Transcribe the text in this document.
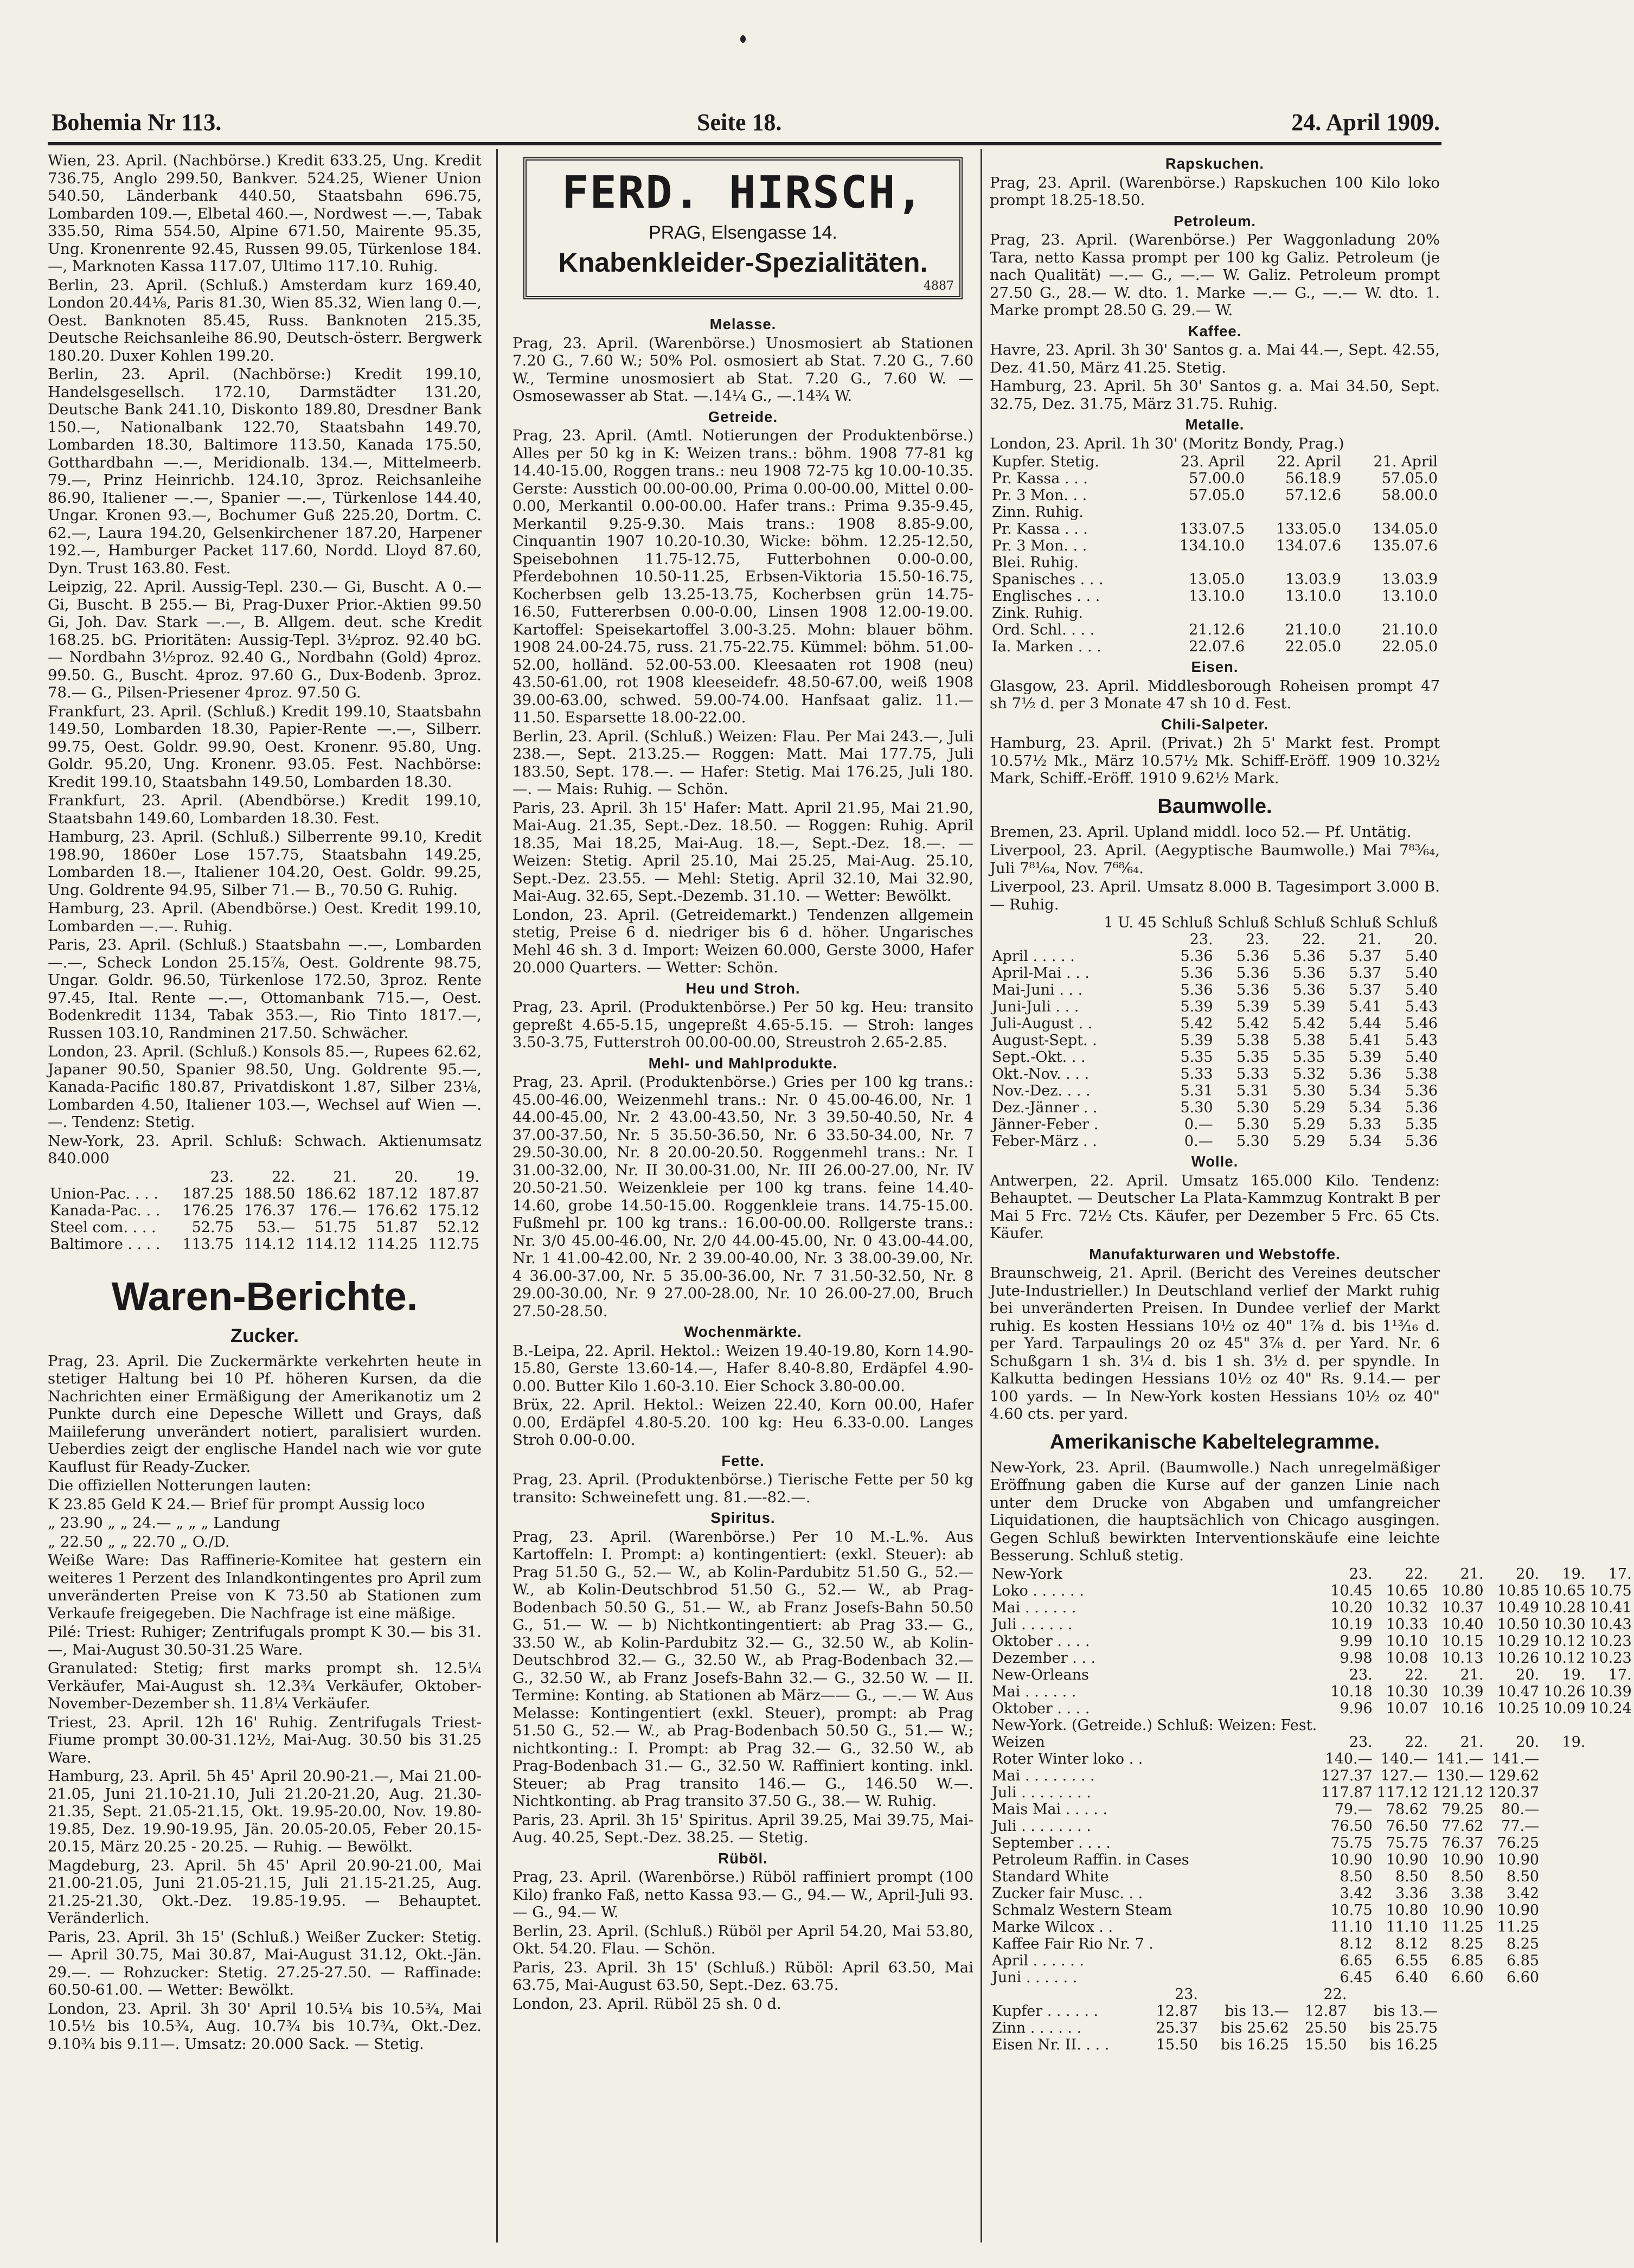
Bohemia Nr 113.	Seite 18.	24. April 1909.

Wien, 23. April. (Nachbörse.) Kredit 633.25, Ung. Kredit 736.75, Anglo 299.50, Bankver. 524.25, Wiener Union 540.50, Länderbank 440.50, Staatsbahn 696.75, Lombarden 109.—, Elbetal 460.—, Nordwest —.—, Tabak 335.50, Rima 554.50, Alpine 671.50, Mairente 95.35, Ung. Kronenrente 92.45, Russen 99.05, Türkenlose 184.—, Marknoten Kassa 117.07, Ultimo 117.10. Ruhig.

Berlin, 23. April. (Schluß.) Amsterdam kurz 169.40, London 20.44⅛, Paris 81.30, Wien 85.32, Wien lang 0.—, Oest. Banknoten 85.45, Russ. Banknoten 215.35, Deutsche Reichsanleihe 86.90, Deutsch-österr. Bergwerk 180.20. Duxer Kohlen 199.20.

Berlin, 23. April. (Nachbörse:) Kredit 199.10, Handelsgesellsch. 172.10, Darmstädter 131.20, Deutsche Bank 241.10, Diskonto 189.80, Dresdner Bank 150.—, Nationalbank 122.70, Staatsbahn 149.70, Lombarden 18.30, Baltimore 113.50, Kanada 175.50, Gotthardbahn —.—, Meridionalb. 134.—, Mittelmeerb. 79.—, Prinz Heinrichb. 124.10, 3proz. Reichsanleihe 86.90, Italiener —.—, Spanier —.—, Türkenlose 144.40, Ungar. Kronen 93.—, Bochumer Guß 225.20, Dortm. C. 62.—, Laura 194.20, Gelsenkirchener 187.20, Harpener 192.—, Hamburger Packet 117.60, Nordd. Lloyd 87.60, Dyn. Trust 163.80. Fest.

Leipzig, 22. April. Aussig-Tepl. 230.— Gi, Buscht. A 0.— Gi, Buscht. B 255.— Bi, Prag-Duxer Prior.-Aktien 99.50 Gi, Joh. Dav. Stark —.—, B. Allgem. deut. sche Kredit 168.25. bG. Prioritäten: Aussig-Tepl. 3½proz. 92.40 bG. — Nordbahn 3½proz. 92.40 G., Nordbahn (Gold) 4proz. 99.50. G., Buscht. 4proz. 97.60 G., Dux-Bodenb. 3proz. 78.— G., Pilsen-Priesener 4proz. 97.50 G.

Frankfurt, 23. April. (Schluß.) Kredit 199.10, Staatsbahn 149.50, Lombarden 18.30, Papier-Rente —.—, Silberr. 99.75, Oest. Goldr. 99.90, Oest. Kronenr. 95.80, Ung. Goldr. 95.20, Ung. Kronenr. 93.05. Fest. Nachbörse: Kredit 199.10, Staatsbahn 149.50, Lombarden 18.30.

Frankfurt, 23. April. (Abendbörse.) Kredit 199.10, Staatsbahn 149.60, Lombarden 18.30. Fest.

Hamburg, 23. April. (Schluß.) Silberrente 99.10, Kredit 198.90, 1860er Lose 157.75, Staatsbahn 149.25, Lombarden 18.—, Italiener 104.20, Oest. Goldr. 99.25, Ung. Goldrente 94.95, Silber 71.— B., 70.50 G. Ruhig.

Hamburg, 23. April. (Abendbörse.) Oest. Kredit 199.10, Lombarden —.—. Ruhig.

Paris, 23. April. (Schluß.) Staatsbahn —.—, Lombarden —.—, Scheck London 25.15⅞, Oest. Goldrente 98.75, Ungar. Goldr. 96.50, Türkenlose 172.50, 3proz. Rente 97.45, Ital. Rente —.—, Ottomanbank 715.—, Oest. Bodenkredit 1134, Tabak 353.—, Rio Tinto 1817.—, Russen 103.10, Randminen 217.50. Schwächer.

London, 23. April. (Schluß.) Konsols 85.—, Rupees 62.62, Japaner 90.50, Spanier 98.50, Ung. Goldrente 95.—, Kanada-Pacific 180.87, Privatdiskont 1.87, Silber 23⅛, Lombarden 4.50, Italiener 103.—, Wechsel auf Wien —.—. Tendenz: Stetig.

New-York, 23. April. Schluß: Schwach. Aktienumsatz 840.000

	23.	22.	21.	20.	19.
Union-Pac. . . .	187.25	188.50	186.62	187.12	187.87
Kanada-Pac. . .	176.25	176.37	176.—	176.62	175.12
Steel com. . . .	52.75	53.—	51.75	51.87	52.12
Baltimore . . . .	113.75	114.12	114.12	114.25	112.75
Waren-Berichte.
Zucker.

Prag, 23. April. Die Zuckermärkte verkehrten heute in stetiger Haltung bei 10 Pf. höheren Kursen, da die Nachrichten einer Ermäßigung der Amerikanotiz um 2 Punkte durch eine Depesche Willett und Grays, daß Maiileferung unverändert notiert, paralisiert wurden. Ueberdies zeigt der englische Handel nach wie vor gute Kauflust für Ready-Zucker.

Die offiziellen Notterungen lauten:

K 23.85 Geld K 24.— Brief für prompt Aussig loco

„ 23.90 „ „ 24.— „ „ „ Landung

„ 22.50 „ „ 22.70 „ O./D.

Weiße Ware: Das Raffinerie-Komitee hat gestern ein weiteres 1 Perzent des Inlandkontingentes pro April zum unveränderten Preise von K 73.50 ab Stationen zum Verkaufe freigegeben. Die Nachfrage ist eine mäßige.

Pilé: Triest: Ruhiger; Zentrifugals prompt K 30.— bis 31.—, Mai-August 30.50-31.25 Ware.

Granulated: Stetig; first marks prompt sh. 12.5¼ Verkäufer, Mai-August sh. 12.3¾ Verkäufer, Oktober-November-Dezember sh. 11.8¼ Verkäufer.

Triest, 23. April. 12h 16' Ruhig. Zentrifugals Triest-Fiume prompt 30.00-31.12½, Mai-Aug. 30.50 bis 31.25 Ware.

Hamburg, 23. April. 5h 45' April 20.90-21.—, Mai 21.00-21.05, Juni 21.10-21.10, Juli 21.20-21.20, Aug. 21.30-21.35, Sept. 21.05-21.15, Okt. 19.95-20.00, Nov. 19.80-19.85, Dez. 19.90-19.95, Jän. 20.05-20.05, Feber 20.15-20.15, März 20.25 - 20.25. — Ruhig. — Bewölkt.

Magdeburg, 23. April. 5h 45' April 20.90-21.00, Mai 21.00-21.05, Juni 21.05-21.15, Juli 21.15-21.25, Aug. 21.25-21.30, Okt.-Dez. 19.85-19.95. — Behauptet. Veränderlich.

Paris, 23. April. 3h 15' (Schluß.) Weißer Zucker: Stetig. — April 30.75, Mai 30.87, Mai-August 31.12, Okt.-Jän. 29.—. — Rohzucker: Stetig. 27.25-27.50. — Raffinade: 60.50-61.00. — Wetter: Bewölkt.

London, 23. April. 3h 30' April 10.5¼ bis 10.5¾, Mai 10.5½ bis 10.5¾, Aug. 10.7¾ bis 10.7¾, Okt.-Dez. 9.10¾ bis 9.11—. Umsatz: 20.000 Sack. — Stetig.

FERD. HIRSCH,
PRAG, Elsengasse 14.
Knabenkleider-Spezialitäten.
4887
Melasse.

Prag, 23. April. (Warenbörse.) Unosmosiert ab Stationen 7.20 G., 7.60 W.; 50% Pol. osmosiert ab Stat. 7.20 G., 7.60 W., Termine unosmosiert ab Stat. 7.20 G., 7.60 W. — Osmosewasser ab Stat. —.14¼ G., —.14¾ W.

Getreide.

Prag, 23. April. (Amtl. Notierungen der Produktenbörse.) Alles per 50 kg in K: Weizen trans.: böhm. 1908 77-81 kg 14.40-15.00, Roggen trans.: neu 1908 72-75 kg 10.00-10.35. Gerste: Ausstich 00.00-00.00, Prima 0.00-00.00, Mittel 0.00-0.00, Merkantil 0.00-00.00. Hafer trans.: Prima 9.35-9.45, Merkantil 9.25-9.30. Mais trans.: 1908 8.85-9.00, Cinquantin 1907 10.20-10.30, Wicke: böhm. 12.25-12.50, Speisebohnen 11.75-12.75, Futterbohnen 0.00-0.00, Pferdebohnen 10.50-11.25, Erbsen-Viktoria 15.50-16.75, Kocherbsen gelb 13.25-13.75, Kocherbsen grün 14.75-16.50, Futtererbsen 0.00-0.00, Linsen 1908 12.00-19.00. Kartoffel: Speisekartoffel 3.00-3.25. Mohn: blauer böhm. 1908 24.00-24.75, russ. 21.75-22.75. Kümmel: böhm. 51.00-52.00, holländ. 52.00-53.00. Kleesaaten rot 1908 (neu) 43.50-61.00, rot 1908 kleeseidefr. 48.50-67.00, weiß 1908 39.00-63.00, schwed. 59.00-74.00. Hanfsaat galiz. 11.—11.50. Esparsette 18.00-22.00.

Berlin, 23. April. (Schluß.) Weizen: Flau. Per Mai 243.—, Juli 238.—, Sept. 213.25.— Roggen: Matt. Mai 177.75, Juli 183.50, Sept. 178.—. — Hafer: Stetig. Mai 176.25, Juli 180.—. — Mais: Ruhig. — Schön.

Paris, 23. April. 3h 15' Hafer: Matt. April 21.95, Mai 21.90, Mai-Aug. 21.35, Sept.-Dez. 18.50. — Roggen: Ruhig. April 18.35, Mai 18.25, Mai-Aug. 18.—, Sept.-Dez. 18.—. — Weizen: Stetig. April 25.10, Mai 25.25, Mai-Aug. 25.10, Sept.-Dez. 23.55. — Mehl: Stetig. April 32.10, Mai 32.90, Mai-Aug. 32.65, Sept.-Dezemb. 31.10. — Wetter: Bewölkt.

London, 23. April. (Getreidemarkt.) Tendenzen allgemein stetig, Preise 6 d. niedriger bis 6 d. höher. Ungarisches Mehl 46 sh. 3 d. Import: Weizen 60.000, Gerste 3000, Hafer 20.000 Quarters. — Wetter: Schön.

Heu und Stroh.

Prag, 23. April. (Produktenbörse.) Per 50 kg. Heu: transito gepreßt 4.65-5.15, ungepreßt 4.65-5.15. — Stroh: langes 3.50-3.75, Futterstroh 00.00-00.00, Streustroh 2.65-2.85.

Mehl- und Mahlprodukte.

Prag, 23. April. (Produktenbörse.) Gries per 100 kg trans.: 45.00-46.00, Weizenmehl trans.: Nr. 0 45.00-46.00, Nr. 1 44.00-45.00, Nr. 2 43.00-43.50, Nr. 3 39.50-40.50, Nr. 4 37.00-37.50, Nr. 5 35.50-36.50, Nr. 6 33.50-34.00, Nr. 7 29.50-30.00, Nr. 8 20.00-20.50. Roggenmehl trans.: Nr. I 31.00-32.00, Nr. II 30.00-31.00, Nr. III 26.00-27.00, Nr. IV 20.50-21.50. Weizenkleie per 100 kg trans. feine 14.40-14.60, grobe 14.50-15.00. Roggenkleie trans. 14.75-15.00. Fußmehl pr. 100 kg trans.: 16.00-00.00. Rollgerste trans.: Nr. 3/0 45.00-46.00, Nr. 2/0 44.00-45.00, Nr. 0 43.00-44.00, Nr. 1 41.00-42.00, Nr. 2 39.00-40.00, Nr. 3 38.00-39.00, Nr. 4 36.00-37.00, Nr. 5 35.00-36.00, Nr. 7 31.50-32.50, Nr. 8 29.00-30.00, Nr. 9 27.00-28.00, Nr. 10 26.00-27.00, Bruch 27.50-28.50.

Wochenmärkte.

B.-Leipa, 22. April. Hektol.: Weizen 19.40-19.80, Korn 14.90-15.80, Gerste 13.60-14.—, Hafer 8.40-8.80, Erdäpfel 4.90-0.00. Butter Kilo 1.60-3.10. Eier Schock 3.80-00.00.

Brüx, 22. April. Hektol.: Weizen 22.40, Korn 00.00, Hafer 0.00, Erdäpfel 4.80-5.20. 100 kg: Heu 6.33-0.00. Langes Stroh 0.00-0.00.

Fette.

Prag, 23. April. (Produktenbörse.) Tierische Fette per 50 kg transito: Schweinefett ung. 81.—-82.—.

Spiritus.

Prag, 23. April. (Warenbörse.) Per 10 M.-L.%. Aus Kartoffeln: I. Prompt: a) kontingentiert: (exkl. Steuer): ab Prag 51.50 G., 52.— W., ab Kolin-Pardubitz 51.50 G., 52.— W., ab Kolin-Deutschbrod 51.50 G., 52.— W., ab Prag-Bodenbach 50.50 G., 51.— W., ab Franz Josefs-Bahn 50.50 G., 51.— W. — b) Nichtkontingentiert: ab Prag 33.— G., 33.50 W., ab Kolin-Pardubitz 32.— G., 32.50 W., ab Kolin-Deutschbrod 32.— G., 32.50 W., ab Prag-Bodenbach 32.— G., 32.50 W., ab Franz Josefs-Bahn 32.— G., 32.50 W. — II. Termine: Konting. ab Stationen ab März—— G., —.— W. Aus Melasse: Kontingentiert (exkl. Steuer), prompt: ab Prag 51.50 G., 52.— W., ab Prag-Bodenbach 50.50 G., 51.— W.; nichtkonting.: I. Prompt: ab Prag 32.— G., 32.50 W., ab Prag-Bodenbach 31.— G., 32.50 W. Raffiniert konting. inkl. Steuer; ab Prag transito 146.— G., 146.50 W.—. Nichtkonting. ab Prag transito 37.50 G., 38.— W. Ruhig.

Paris, 23. April. 3h 15' Spiritus. April 39.25, Mai 39.75, Mai-Aug. 40.25, Sept.-Dez. 38.25. — Stetig.

Rüböl.

Prag, 23. April. (Warenbörse.) Rüböl raffiniert prompt (100 Kilo) franko Faß, netto Kassa 93.— G., 94.— W., April-Juli 93.— G., 94.— W.

Berlin, 23. April. (Schluß.) Rüböl per April 54.20, Mai 53.80, Okt. 54.20. Flau. — Schön.

Paris, 23. April. 3h 15' (Schluß.) Rüböl: April 63.50, Mai 63.75, Mai-August 63.50, Sept.-Dez. 63.75.

London, 23. April. Rüböl 25 sh. 0 d.

Rapskuchen.

Prag, 23. April. (Warenbörse.) Rapskuchen 100 Kilo loko prompt 18.25-18.50.

Petroleum.

Prag, 23. April. (Warenbörse.) Per Waggonladung 20% Tara, netto Kassa prompt per 100 kg Galiz. Petroleum (je nach Qualität) —.— G., —.— W. Galiz. Petroleum prompt 27.50 G., 28.— W. dto. 1. Marke —.— G., —.— W. dto. 1. Marke prompt 28.50 G. 29.— W.

Kaffee.

Havre, 23. April. 3h 30' Santos g. a. Mai 44.—, Sept. 42.55, Dez. 41.50, März 41.25. Stetig.

Hamburg, 23. April. 5h 30' Santos g. a. Mai 34.50, Sept. 32.75, Dez. 31.75, März 31.75. Ruhig.

Metalle.

London, 23. April. 1h 30' (Moritz Bondy, Prag.)

Kupfer. Stetig.	23. April	22. April	21. April
Pr. Kassa . . .	57.00.0	56.18.9	57.05.0
Pr. 3 Mon. . .	57.05.0	57.12.6	58.00.0
Zinn. Ruhig.			
Pr. Kassa . . .	133.07.5	133.05.0	134.05.0
Pr. 3 Mon. . .	134.10.0	134.07.6	135.07.6
Blei. Ruhig.			
Spanisches . . .	13.05.0	13.03.9	13.03.9
Englisches . . .	13.10.0	13.10.0	13.10.0
Zink. Ruhig.			
Ord. Schl. . . .	21.12.6	21.10.0	21.10.0
Ia. Marken . . .	22.07.6	22.05.0	22.05.0
Eisen.

Glasgow, 23. April. Middlesborough Roheisen prompt 47 sh 7½ d. per 3 Monate 47 sh 10 d. Fest.

Chili-Salpeter.

Hamburg, 23. April. (Privat.) 2h 5' Markt fest. Prompt 10.57½ Mk., März 10.57½ Mk. Schiff-Eröff. 1909 10.32½ Mark, Schiff.-Eröff. 1910 9.62½ Mark.

Baumwolle.

Bremen, 23. April. Upland middl. loco 52.— Pf. Untätig.

Liverpool, 23. April. (Aegyptische Baumwolle.) Mai 7⁸³⁄₆₄, Juli 7⁸¹⁄₆₄, Nov. 7⁶⁸⁄₆₄.

Liverpool, 23. April. Umsatz 8.000 B. Tagesimport 3.000 B. — Ruhig.

	1 U. 45 Schluß	Schluß	Schluß	Schluß	Schluß
	23.	23.	22.	21.	20.
April . . . . .	5.36	5.36	5.36	5.37	5.40
April-Mai . . .	5.36	5.36	5.36	5.37	5.40
Mai-Juni . . .	5.36	5.36	5.36	5.37	5.40
Juni-Juli . . .	5.39	5.39	5.39	5.41	5.43
Juli-August . .	5.42	5.42	5.42	5.44	5.46
August-Sept. .	5.39	5.38	5.38	5.41	5.43
Sept.-Okt. . .	5.35	5.35	5.35	5.39	5.40
Okt.-Nov. . . .	5.33	5.33	5.32	5.36	5.38
Nov.-Dez. . . .	5.31	5.31	5.30	5.34	5.36
Dez.-Jänner . .	5.30	5.30	5.29	5.34	5.36
Jänner-Feber .	0.—	5.30	5.29	5.33	5.35
Feber-März . .	0.—	5.30	5.29	5.34	5.36
Wolle.

Antwerpen, 22. April. Umsatz 165.000 Kilo. Tendenz: Behauptet. — Deutscher La Plata-Kammzug Kontrakt B per Mai 5 Frc. 72½ Cts. Käufer, per Dezember 5 Frc. 65 Cts. Käufer.

Manufakturwaren und Webstoffe.

Braunschweig, 21. April. (Bericht des Vereines deutscher Jute-Industrieller.) In Deutschland verlief der Markt ruhig bei unveränderten Preisen. In Dundee verlief der Markt ruhig. Es kosten Hessians 10½ oz 40" 1⅞ d. bis 1¹³⁄₁₆ d. per Yard. Tarpaulings 20 oz 45" 3⅞ d. per Yard. Nr. 6 Schußgarn 1 sh. 3¼ d. bis 1 sh. 3½ d. per spyndle. In Kalkutta bedingen Hessians 10½ oz 40" Rs. 9.14.— per 100 yards. — In New-York kosten Hessians 10½ oz 40" 4.60 cts. per yard.

Amerikanische Kabeltelegramme.

New-York, 23. April. (Baumwolle.) Nach unregelmäßiger Eröffnung gaben die Kurse auf der ganzen Linie nach unter dem Drucke von Abgaben und umfangreicher Liquidationen, die hauptsächlich von Chicago ausgingen. Gegen Schluß bewirkten Interventionskäufe eine leichte Besserung. Schluß stetig.

New-York	23.	22.	21.	20.	19.	17.
Loko . . . . . .	10.45	10.65	10.80	10.85	10.65	10.75
Mai . . . . . .	10.20	10.32	10.37	10.49	10.28	10.41
Juli . . . . . .	10.19	10.33	10.40	10.50	10.30	10.43
Oktober . . . .	9.99	10.10	10.15	10.29	10.12	10.23
Dezember . . .	9.98	10.08	10.13	10.26	10.12	10.23
New-Orleans	23.	22.	21.	20.	19.	17.
Mai . . . . . .	10.18	10.30	10.39	10.47	10.26	10.39
Oktober . . . .	9.96	10.07	10.16	10.25	10.09	10.24
New-York. (Getreide.) Schluß: Weizen: Fest.						
Weizen	23.	22.	21.	20.	19.	
Roter Winter loko . .	140.—	140.—	141.—	141.—		
Mai . . . . . . . .	127.37	127.—	130.—	129.62		
Juli . . . . . . . .	117.87	117.12	121.12	120.37		
Mais Mai . . . . .	79.—	78.62	79.25	80.—		
Juli . . . . . . . .	76.50	76.50	77.62	77.—		
September . . . .	75.75	75.75	76.37	76.25		
Petroleum Raffin. in Cases	10.90	10.90	10.90	10.90		
Standard White	8.50	8.50	8.50	8.50		
Zucker fair Musc. . .	3.42	3.36	3.38	3.42		
Schmalz Western Steam	10.75	10.80	10.90	10.90		
Marke Wilcox . .	11.10	11.10	11.25	11.25		
Kaffee Fair Rio Nr. 7 .	8.12	8.12	8.25	8.25		
April . . . . . .	6.65	6.55	6.85	6.85		
Juni . . . . . .	6.45	6.40	6.60	6.60		
	23.		22.	
Kupfer . . . . . .	12.87	bis 13.—	12.87	bis 13.—
Zinn . . . . . .	25.37	bis 25.62	25.50	bis 25.75
Eisen Nr. II. . . .	15.50	bis 16.25	15.50	bis 16.25
